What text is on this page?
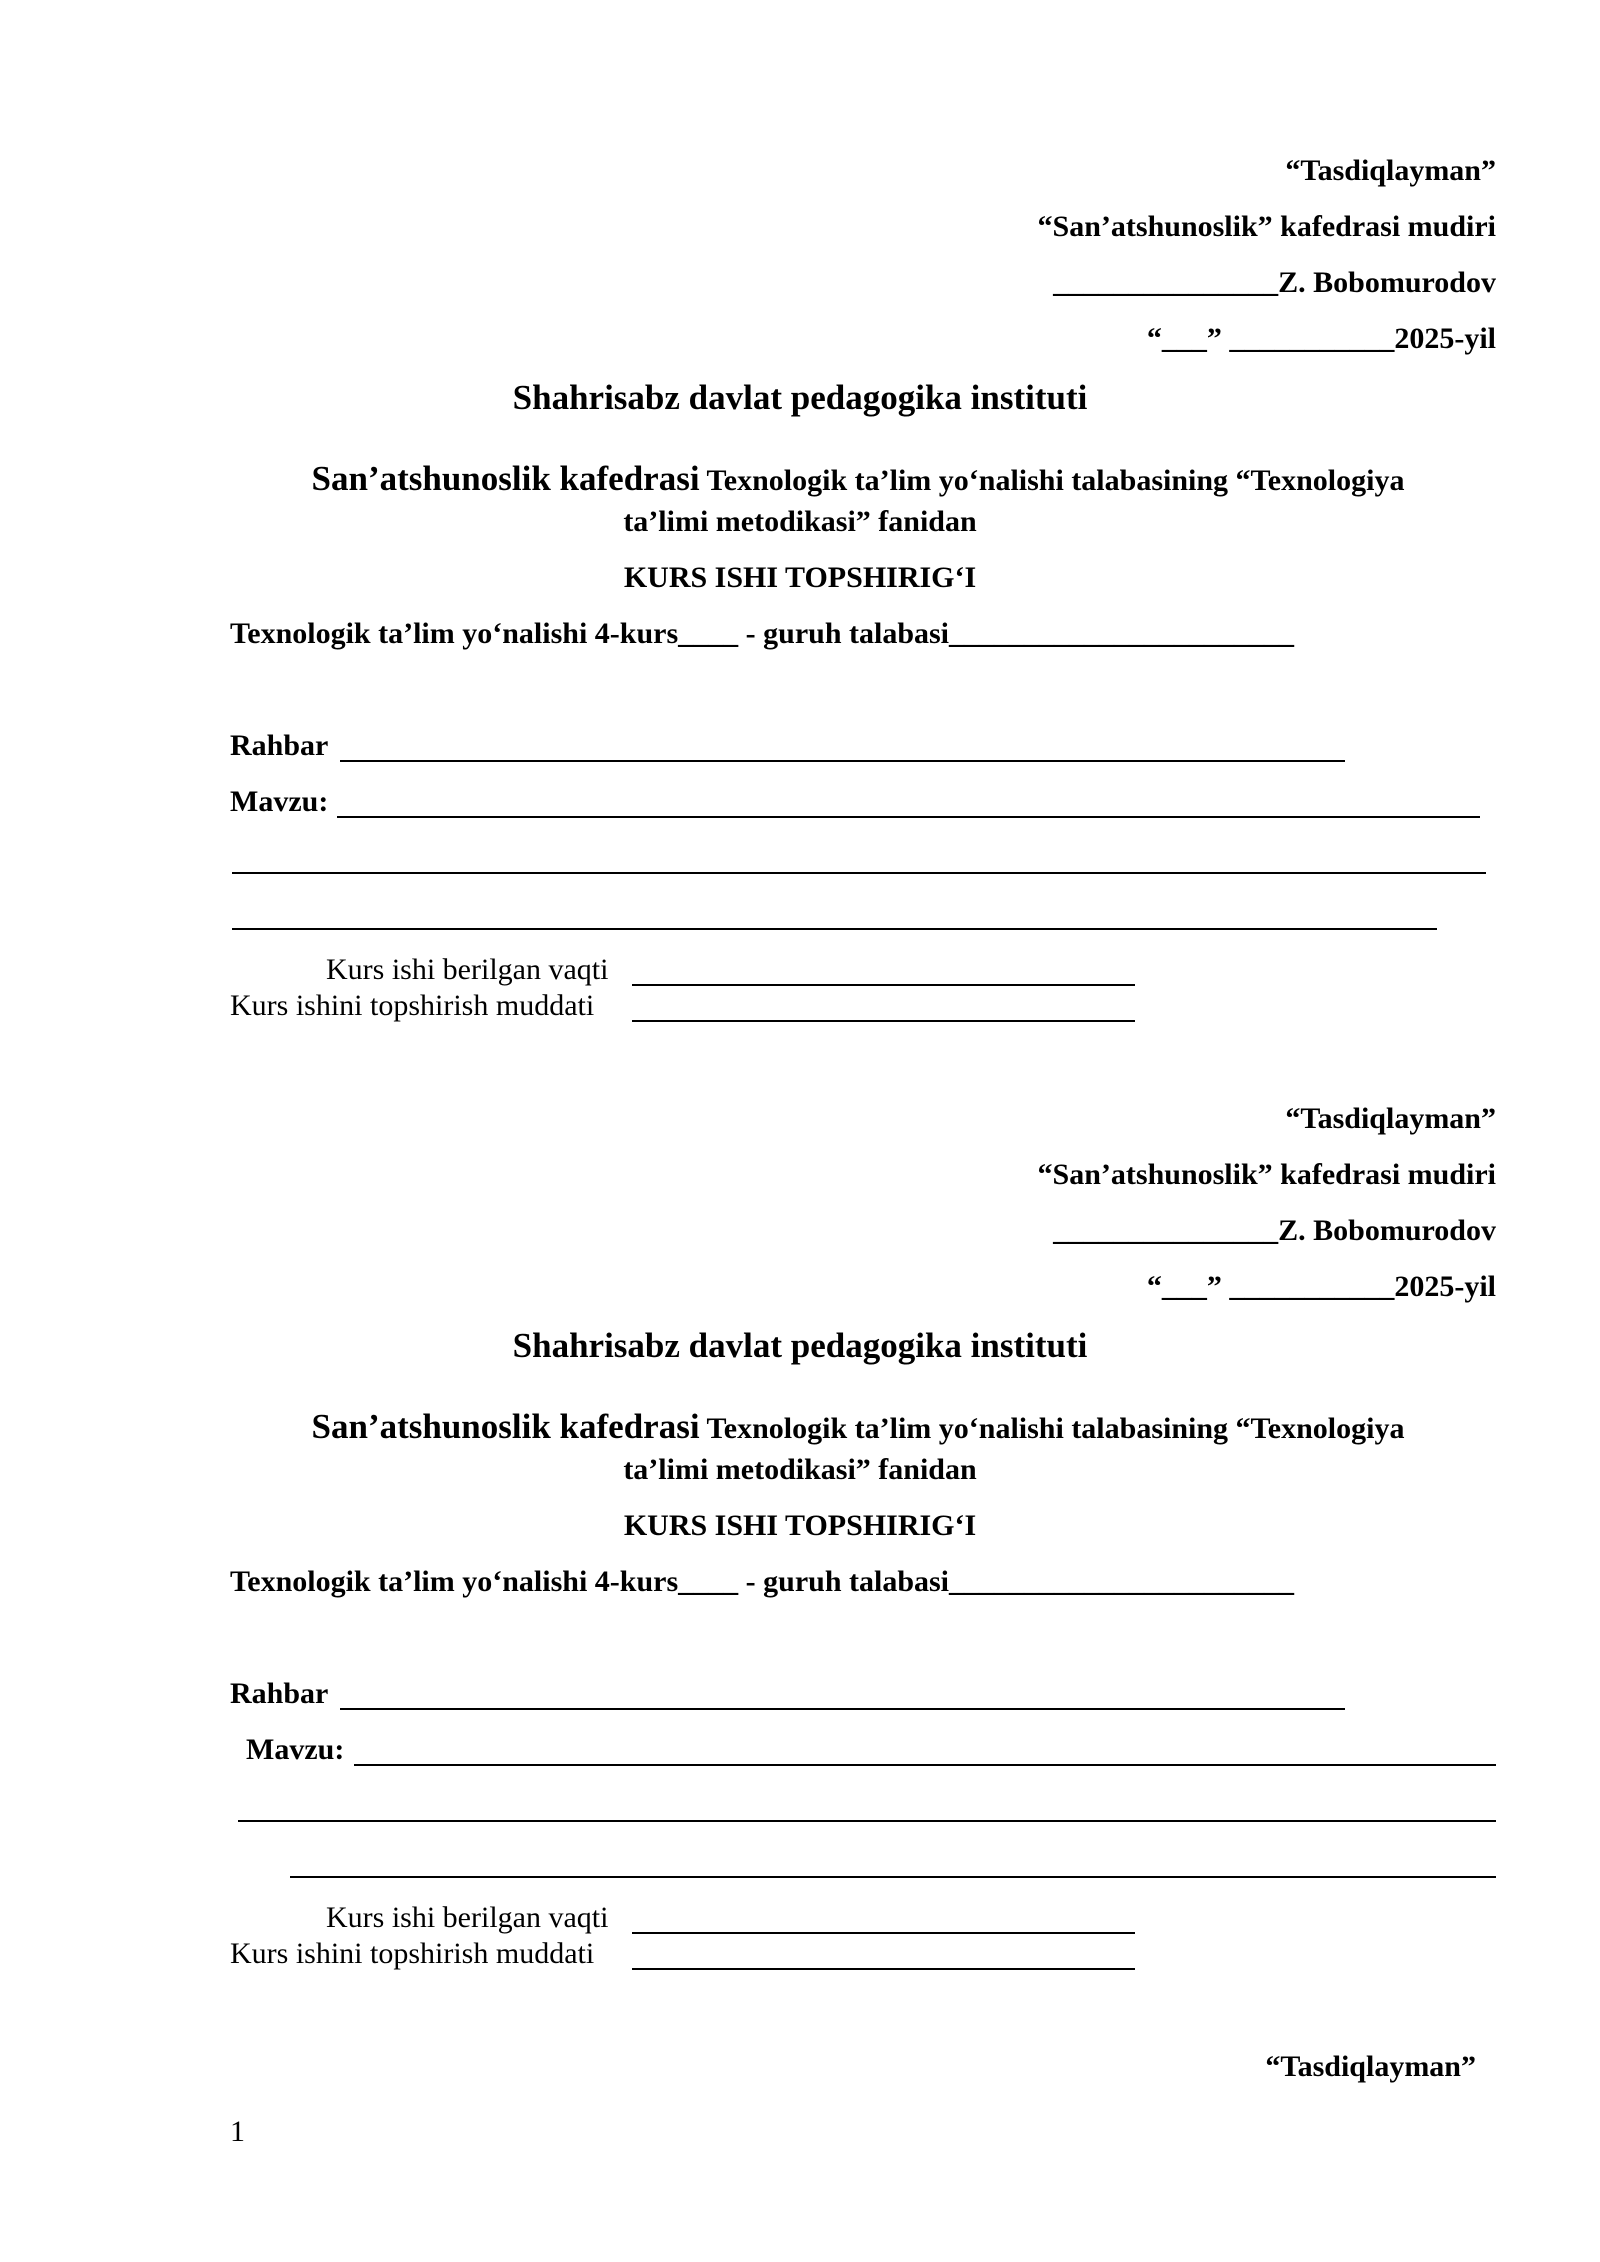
“Tasdiqlayman”
“San’atshunoslik” kafedrasi mudiri
_______________Z. Bobomurodov
“___” ___________2025-yil
Shahrisabz davlat pedagogika instituti

San’atshunoslik kafedrasi Texnologik ta’lim yo‘nalishi talabasining “Texnologiya

ta’limi metodikasi” fanidan
KURS ISHI TOPSHIRIG‘I
Texnologik ta’lim yo‘nalishi 4-kurs____ - guruh talabasi_______________________
Rahbar
Mavzu:
Kurs ishi berilgan vaqti
Kurs ishini topshirish muddati
“Tasdiqlayman”
“San’atshunoslik” kafedrasi mudiri
_______________Z. Bobomurodov
“___” ___________2025-yil
Shahrisabz davlat pedagogika instituti

San’atshunoslik kafedrasi Texnologik ta’lim yo‘nalishi talabasining “Texnologiya

ta’limi metodikasi” fanidan
KURS ISHI TOPSHIRIG‘I
Texnologik ta’lim yo‘nalishi 4-kurs____ - guruh talabasi_______________________
Rahbar
Mavzu:
Kurs ishi berilgan vaqti
Kurs ishini topshirish muddati
“Tasdiqlayman”
1
